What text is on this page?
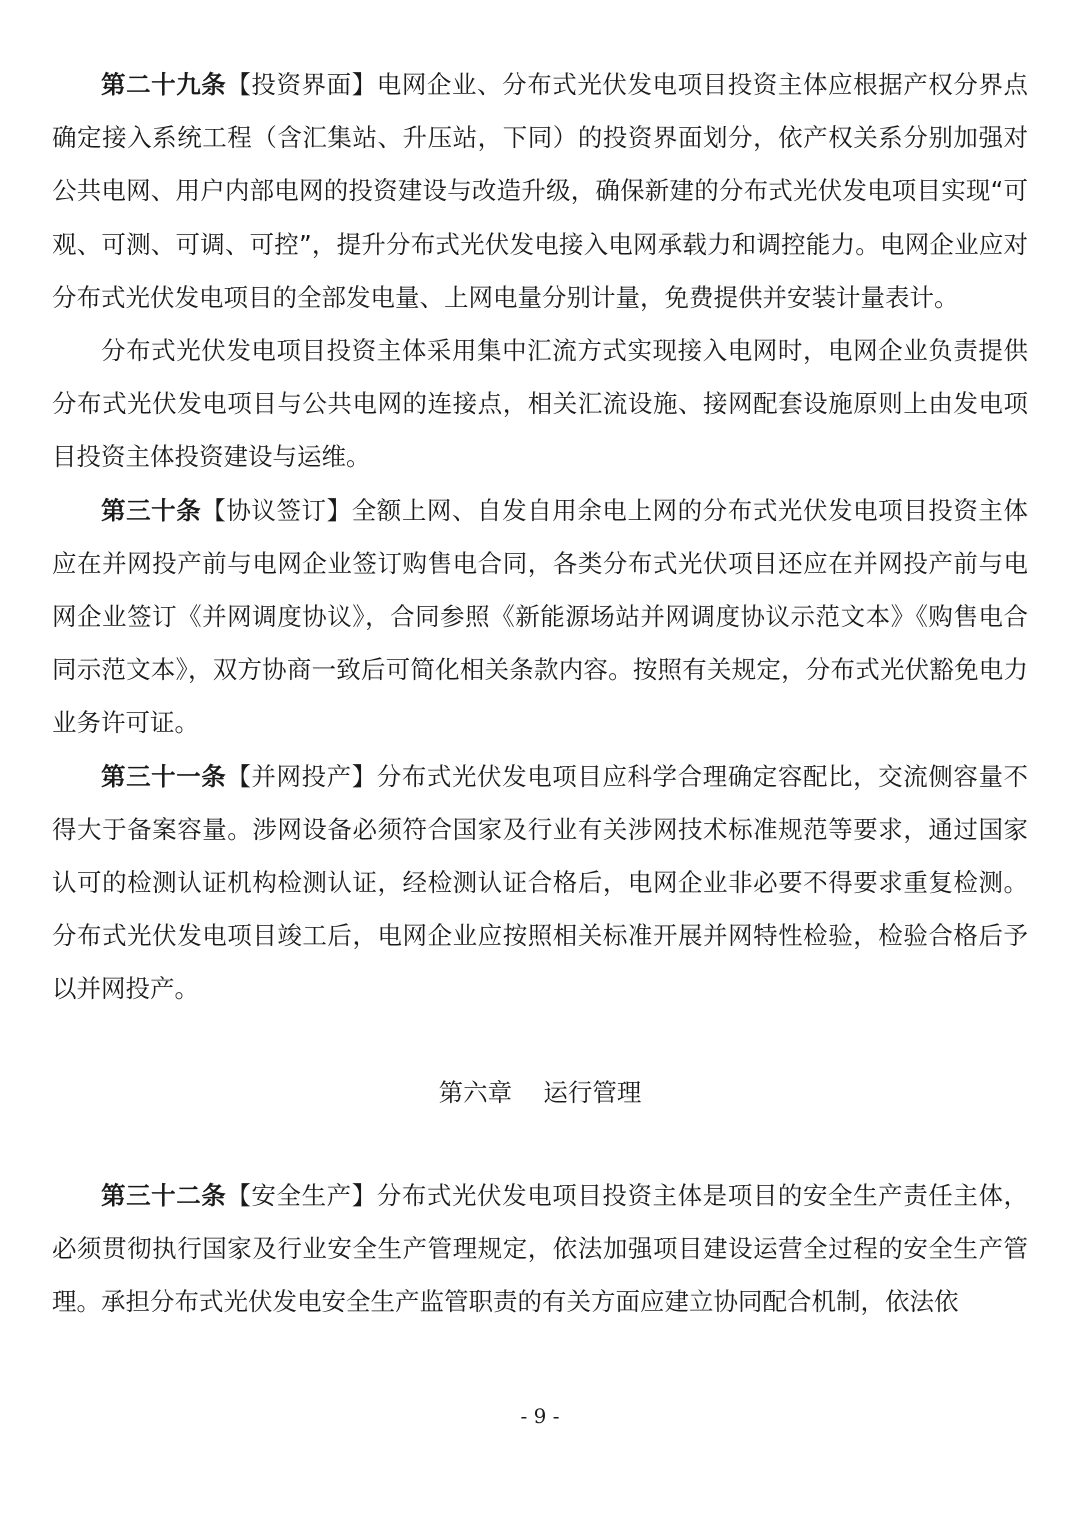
第二十九条【投资界面】电网企业、分布式光伏发电项目投资主体应根据产权分界点确定接入系统工程（含汇集站、升压站，下同）的投资界面划分，依产权关系分别加强对公共电网、用户内部电网的投资建设与改造升级，确保新建的分布式光伏发电项目实现“可观、可测、可调、可控”，提升分布式光伏发电接入电网承载力和调控能力。电网企业应对分布式光伏发电项目的全部发电量、上网电量分别计量，免费提供并安装计量表计。

分布式光伏发电项目投资主体采用集中汇流方式实现接入电网时，电网企业负责提供分布式光伏发电项目与公共电网的连接点，相关汇流设施、接网配套设施原则上由发电项目投资主体投资建设与运维。

第三十条【协议签订】全额上网、自发自用余电上网的分布式光伏发电项目投资主体应在并网投产前与电网企业签订购售电合同，各类分布式光伏项目还应在并网投产前与电网企业签订《并网调度协议》，合同参照《新能源场站并网调度协议示范文本》《购售电合同示范文本》，双方协商一致后可简化相关条款内容。按照有关规定，分布式光伏豁免电力业务许可证。

第三十一条【并网投产】分布式光伏发电项目应科学合理确定容配比，交流侧容量不得大于备案容量。涉网设备必须符合国家及行业有关涉网技术标准规范等要求，通过国家认可的检测认证机构检测认证，经检测认证合格后，电网企业非必要不得要求重复检测。分布式光伏发电项目竣工后，电网企业应按照相关标准开展并网特性检验，检验合格后予以并网投产。

第六章 运行管理

第三十二条【安全生产】分布式光伏发电项目投资主体是项目的安全生产责任主体，必须贯彻执行国家及行业安全生产管理规定，依法加强项目建设运营全过程的安全生产管理。承担分布式光伏发电安全生产监管职责的有关方面应建立协同配合机制，依法依

- 9 -
